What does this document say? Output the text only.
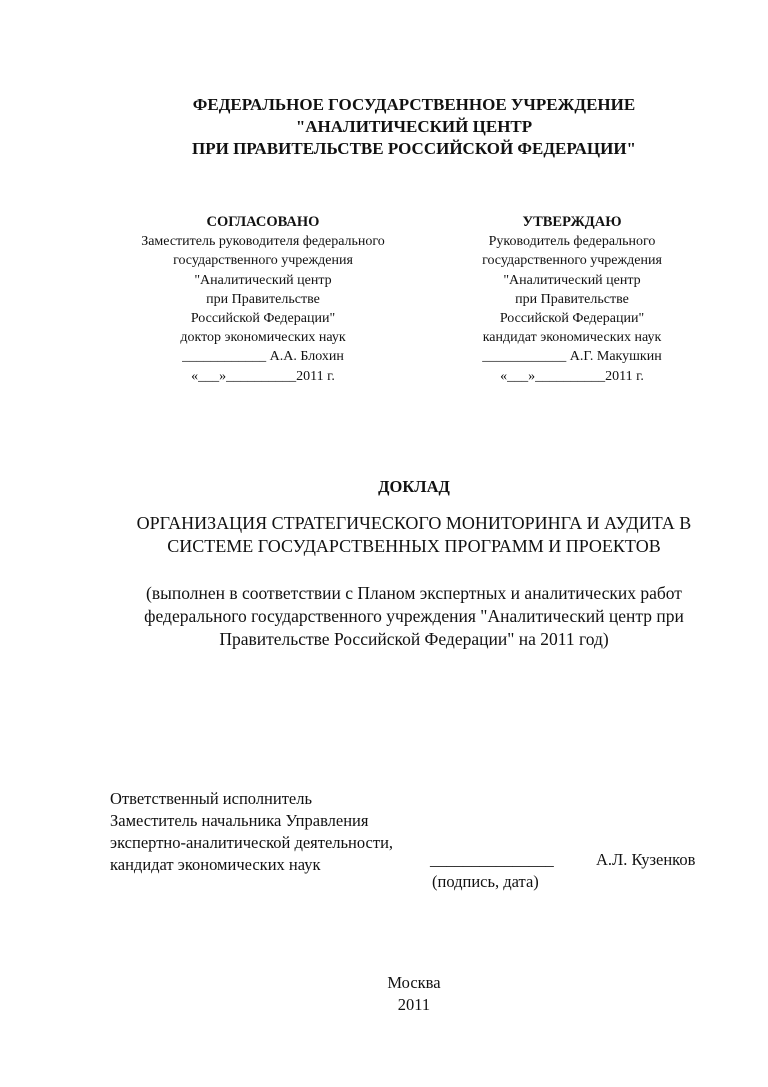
ФЕДЕРАЛЬНОЕ ГОСУДАРСТВЕННОЕ УЧРЕЖДЕНИЕ
"АНАЛИТИЧЕСКИЙ ЦЕНТР
ПРИ ПРАВИТЕЛЬСТВЕ РОССИЙСКОЙ ФЕДЕРАЦИИ"
СОГЛАСОВАНО
Заместитель руководителя федерального
государственного учреждения
"Аналитический центр
при Правительстве
Российской Федерации"
доктор экономических наук
____________ А.А. Блохин
«___»__________2011 г.
УТВЕРЖДАЮ
Руководитель федерального
государственного учреждения
"Аналитический центр
при Правительстве
Российской Федерации"
кандидат экономических наук
____________ А.Г. Макушкин
«___»__________2011 г.
ДОКЛАД
ОРГАНИЗАЦИЯ СТРАТЕГИЧЕСКОГО МОНИТОРИНГА И АУДИТА В
СИСТЕМЕ ГОСУДАРСТВЕННЫХ ПРОГРАММ И ПРОЕКТОВ
(выполнен в соответствии с Планом экспертных и аналитических работ
федерального государственного учреждения "Аналитический центр при
Правительстве Российской Федерации" на 2011 год)
Ответственный исполнитель
Заместитель начальника Управления
экспертно-аналитической деятельности,
кандидат экономических наук	_______________
(подпись, дата)
А.Л. Кузенков
Москва
2011
